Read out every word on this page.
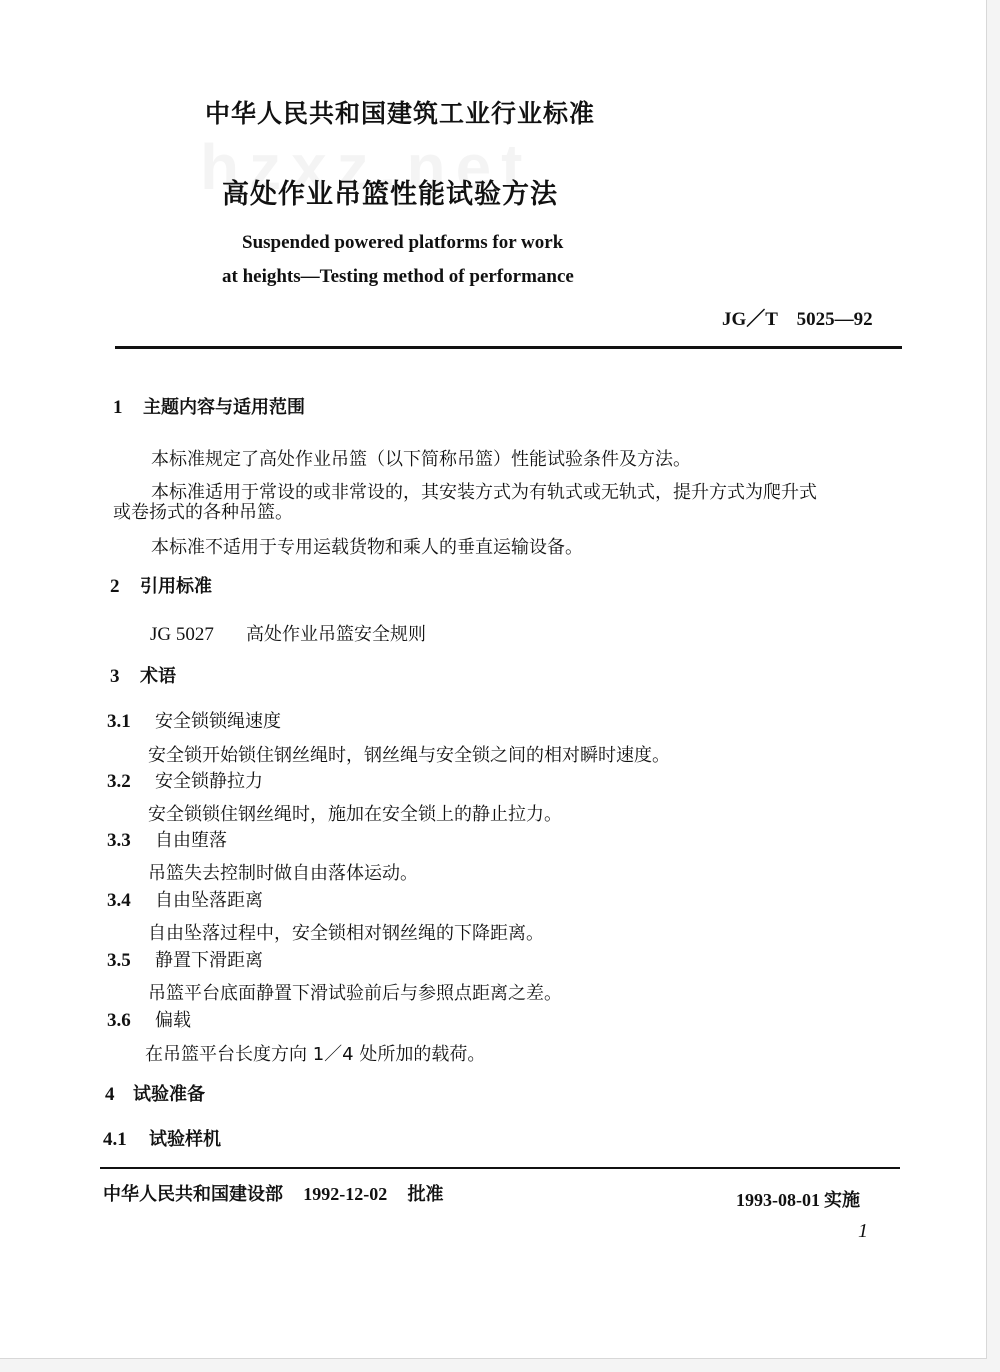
中华人民共和国建筑工业行业标准
高处作业吊篮性能试验方法
Suspended powered platforms for work
at heights—Testing method of performance
JG／T　5025—92
1 主题内容与适用范围
本标准规定了高处作业吊篮（以下简称吊篮）性能试验条件及方法。
本标准适用于常设的或非常设的，其安装方式为有轨式或无轨式，提升方式为爬升式
或卷扬式的各种吊篮。
本标准不适用于专用运载货物和乘人的垂直运输设备。
2 引用标准
JG 5027 高处作业吊篮安全规则
3 术语
3.1 安全锁锁绳速度
安全锁开始锁住钢丝绳时，钢丝绳与安全锁之间的相对瞬时速度。
3.2 安全锁静拉力
安全锁锁住钢丝绳时，施加在安全锁上的静止拉力。
3.3 自由堕落
吊篮失去控制时做自由落体运动。
3.4 自由坠落距离
自由坠落过程中，安全锁相对钢丝绳的下降距离。
3.5 静置下滑距离
吊篮平台底面静置下滑试验前后与参照点距离之差。
3.6 偏载
在吊篮平台长度方向 1／4 处所加的载荷。
4 试验准备
4.1 试验样机
中华人民共和国建设部 1992-12-02 批准	1993-08-01 实施
1
